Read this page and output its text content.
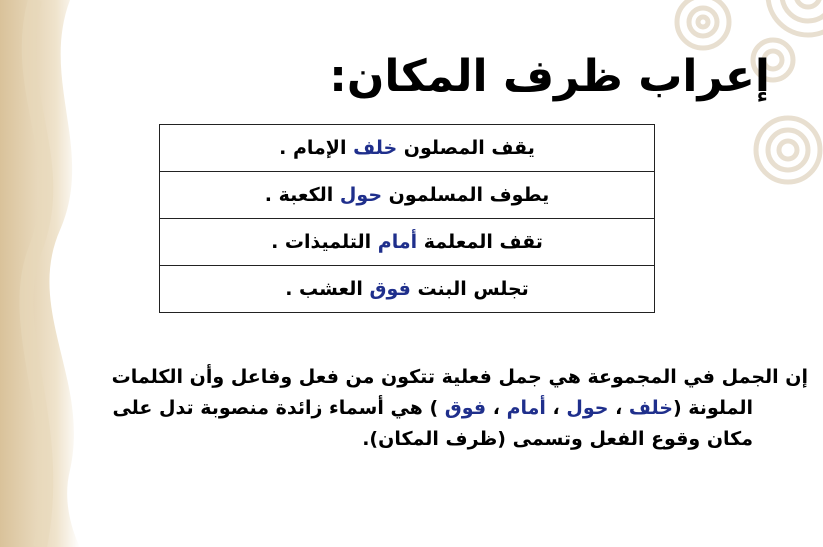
إعراب ظرف المكان:
يقف المصلون خلف الإمام .
يطوف المسلمون حول الكعبة .
تقف المعلمة أمام التلميذات .
تجلس البنت فوق العشب .
إن الجمل في المجموعة هي جمل فعلية تتكون من فعل وفاعل وأن الكلمات
الملونة (خلف ، حول ، أمام ، فوق ) هي أسماء زائدة منصوبة تدل على
مكان وقوع الفعل وتسمى (ظرف المكان).
